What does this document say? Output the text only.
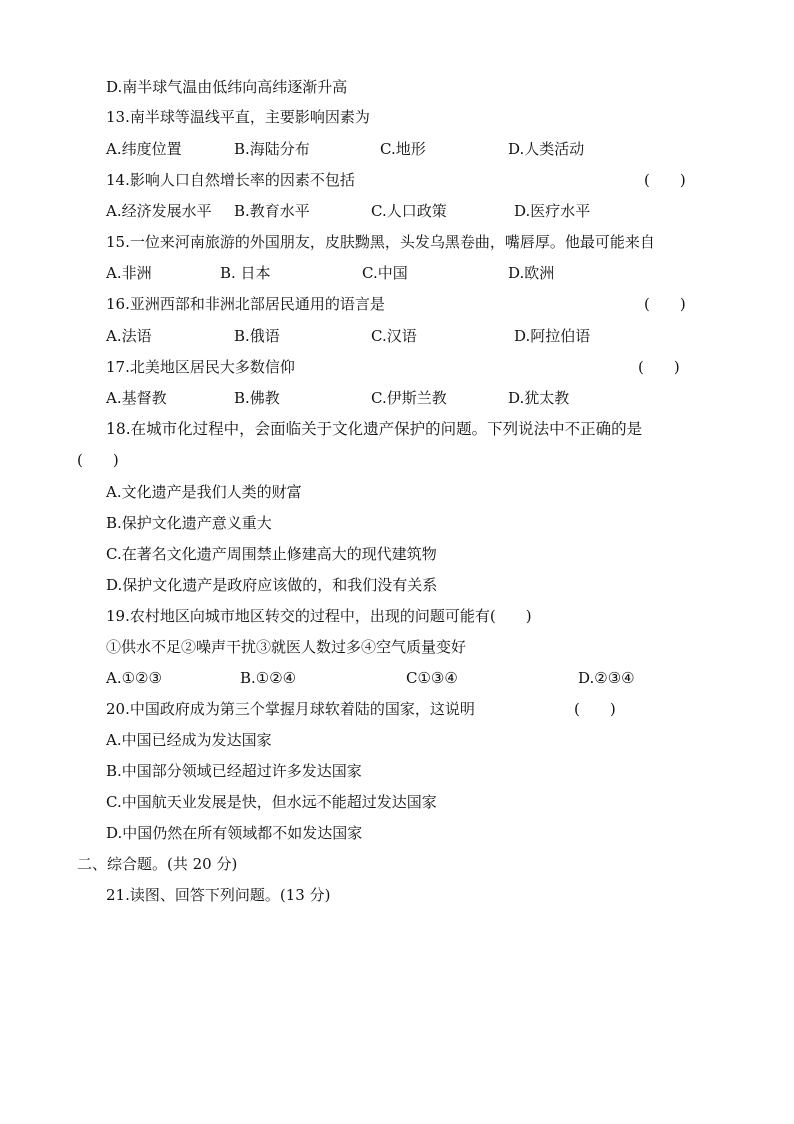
D.南半球气温由低纬向高纬逐渐升高
13.南半球等温线平直，主要影响因素为
A.纬度位置	B.海陆分布	C.地形	D.人类活动
14.影响人口自然增长率的因素不包括	(　　)
A.经济发展水平 B.教育水平	C.人口政策	D.医疗水平
15.一位来河南旅游的外国朋友，皮肤黝黑，头发乌黑卷曲，嘴唇厚。他最可能来自
A.非洲	B. 日本	C.中国	D.欧洲
16.亚洲西部和非洲北部居民通用的语言是	(　　)
A.法语	B.俄语	C.汉语	D.阿拉伯语
17.北美地区居民大多数信仰	(　　)
A.基督教	B.佛教	C.伊斯兰教	D.犹太教
18.在城市化过程中，会面临关于文化遗产保护的问题。下列说法中不正确的是
(　　)
A.文化遗产是我们人类的财富
B.保护文化遗产意义重大
C.在著名文化遗产周围禁止修建高大的现代建筑物
D.保护文化遗产是政府应该做的，和我们没有关系
19.农村地区向城市地区转交的过程中，出现的问题可能有(　　)
①供水不足②噪声干扰③就医人数过多④空气质量变好
A.①②③	B.①②④	C①③④	D.②③④
20.中国政府成为第三个掌握月球软着陆的国家，这说明	(　　)
A.中国已经成为发达国家
B.中国部分领域已经超过许多发达国家
C.中国航天业发展是快，但水远不能超过发达国家
D.中国仍然在所有领域都不如发达国家
二、综合题。(共 20 分)
21.读图、回答下列问题。(13 分)
